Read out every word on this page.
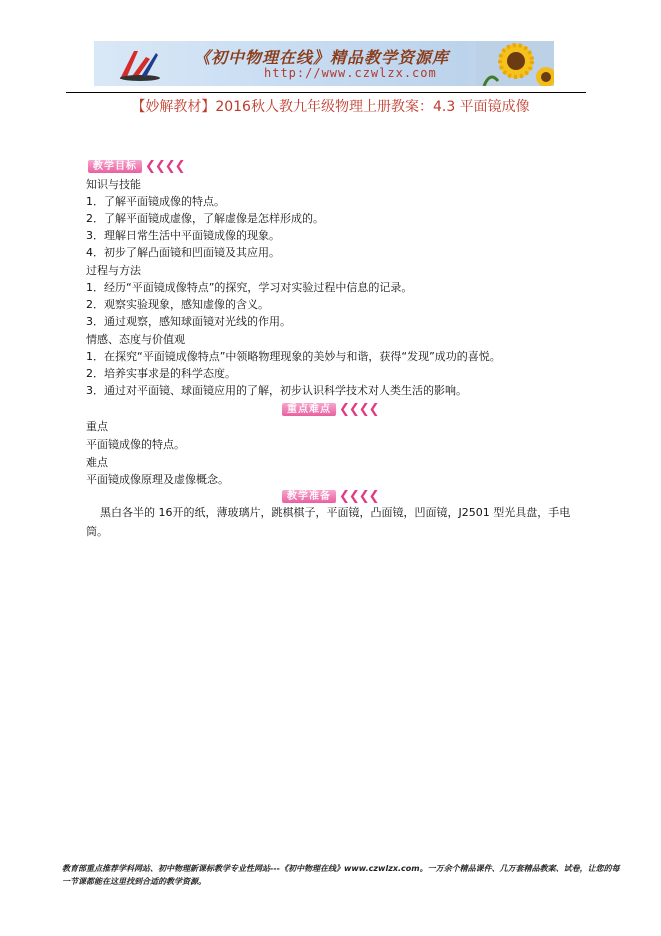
《初中物理在线》精品教学资源库
http://www.czwlzx.com
【妙解教材】2016秋人教九年级物理上册教案：4.3 平面镜成像
教学目标 ❮❮❮❮
知识与技能
1．了解平面镜成像的特点。
2．了解平面镜成虚像，了解虚像是怎样形成的。
3．理解日常生活中平面镜成像的现象。
4．初步了解凸面镜和凹面镜及其应用。
过程与方法
1．经历“平面镜成像特点”的探究，学习对实验过程中信息的记录。
2．观察实验现象，感知虚像的含义。
3．通过观察，感知球面镜对光线的作用。
情感、态度与价值观
1．在探究“平面镜成像特点”中领略物理现象的美妙与和谐，获得“发现”成功的喜悦。
2．培养实事求是的科学态度。
3．通过对平面镜、球面镜应用的了解，初步认识科学技术对人类生活的影响。
重点难点 ❮❮❮❮
重点
平面镜成像的特点。
难点
平面镜成像原理及虚像概念。
教学准备 ❮❮❮❮
黑白各半的 16开的纸，薄玻璃片，跳棋棋子，平面镜，凸面镜，凹面镜，J2501 型光具盘，手电筒。
教育部重点推荐学科网站、初中物理新课标教学专业性网站---《初中物理在线》www.czwlzx.com。一万余个精品课件、几万套精品教案、试卷，让您的每一节课都能在这里找到合适的教学资源。
